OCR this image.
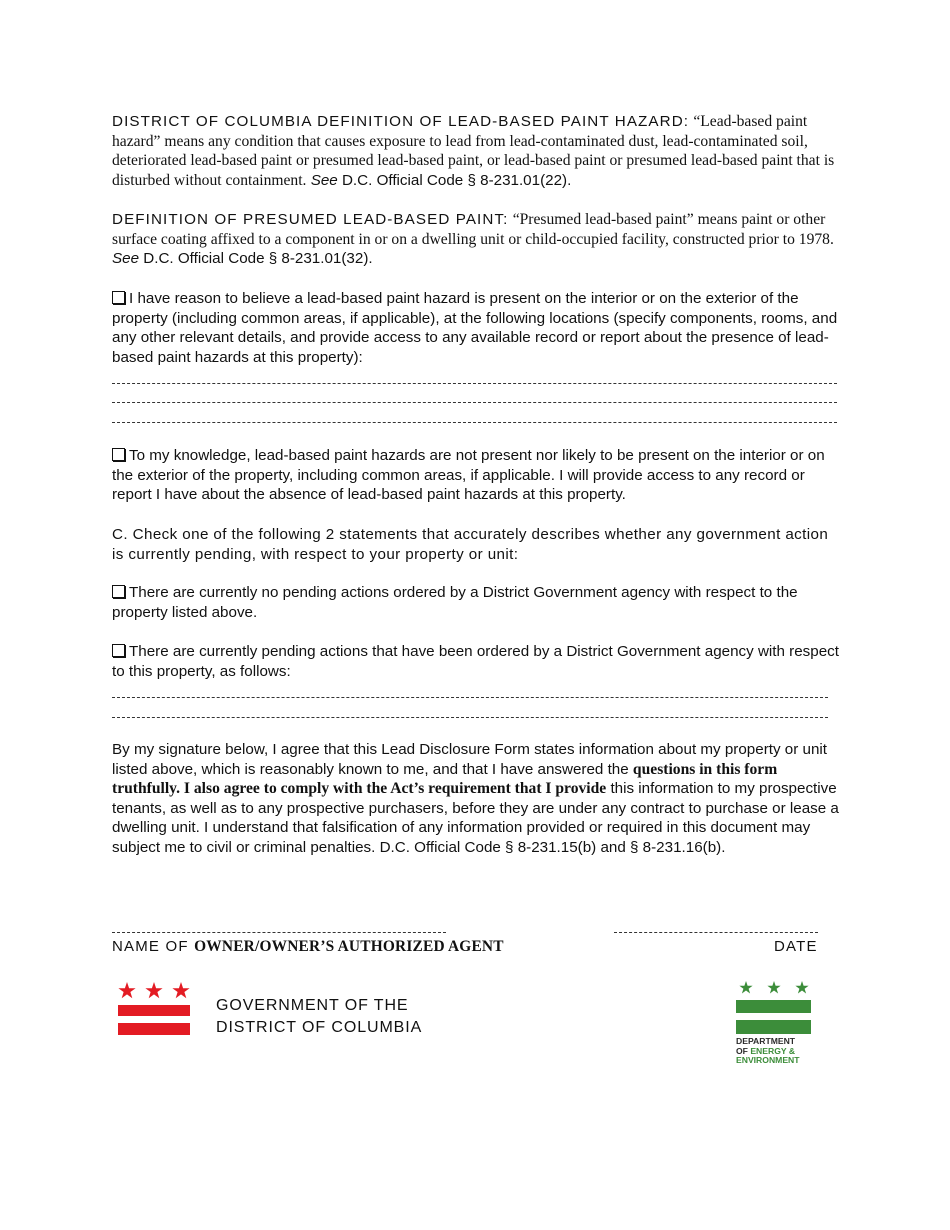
DISTRICT OF COLUMBIA DEFINITION OF LEAD-BASED PAINT HAZARD: “Lead-based paint hazard” means any condition that causes exposure to lead from lead-contaminated dust, lead-contaminated soil, deteriorated lead-based paint or presumed lead-based paint, or lead-based paint or presumed lead-based paint that is disturbed without containment. See D.C. Official Code § 8-231.01(22).
DEFINITION OF PRESUMED LEAD-BASED PAINT: “Presumed lead-based paint” means paint or other surface coating affixed to a component in or on a dwelling unit or child-occupied facility, constructed prior to 1978. See D.C. Official Code § 8-231.01(32).
I have reason to believe a lead-based paint hazard is present on the interior or on the exterior of the property (including common areas, if applicable), at the following locations (specify components, rooms, and any other relevant details, and provide access to any available record or report about the presence of lead-based paint hazards at this property):
To my knowledge, lead-based paint hazards are not present nor likely to be present on the interior or on the exterior of the property, including common areas, if applicable. I will provide access to any record or report I have about the absence of lead-based paint hazards at this property.
C. Check one of the following 2 statements that accurately describes whether any government action is currently pending, with respect to your property or unit:
There are currently no pending actions ordered by a District Government agency with respect to the property listed above.
There are currently pending actions that have been ordered by a District Government agency with respect to this property, as follows:
By my signature below, I agree that this Lead Disclosure Form states information about my property or unit listed above, which is reasonably known to me, and that I have answered the questions in this form truthfully. I also agree to comply with the Act’s requirement that I provide this information to my prospective tenants, as well as to any prospective purchasers, before they are under any contract to purchase or lease a dwelling unit. I understand that falsification of any information provided or required in this document may subject me to civil or criminal penalties. D.C. Official Code § 8-231.15(b) and § 8-231.16(b).
NAME OF OWNER/OWNER’S AUTHORIZED AGENT	DATE
GOVERNMENT OF THE
DISTRICT OF COLUMBIA
DEPARTMENT
OF ENERGY &
ENVIRONMENT
